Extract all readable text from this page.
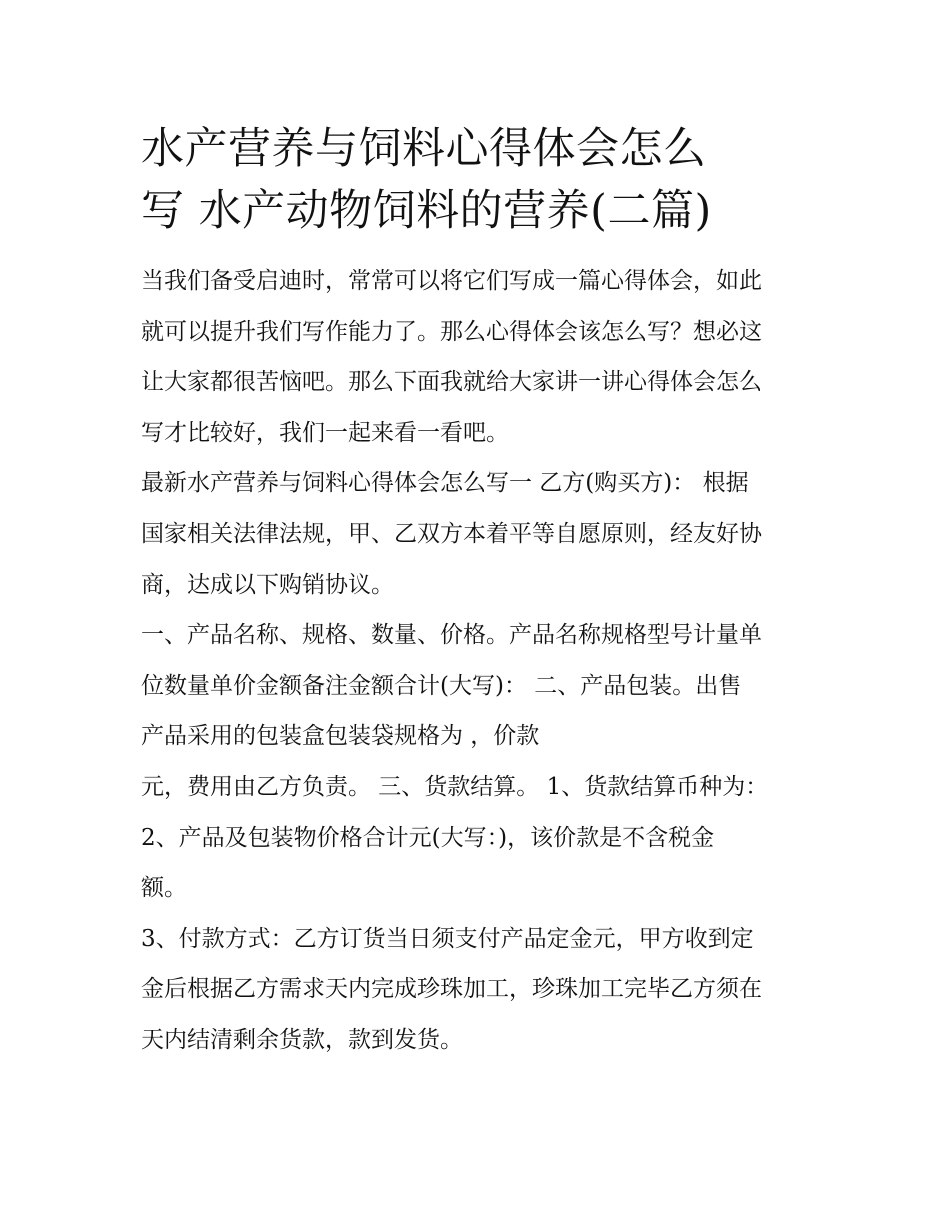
水产营养与饲料心得体会怎么
写 水产动物饲料的营养(二篇)

当我们备受启迪时，常常可以将它们写成一篇心得体会，如此
就可以提升我们写作能力了。那么心得体会该怎么写？想必这
让大家都很苦恼吧。那么下面我就给大家讲一讲心得体会怎么
写才比较好，我们一起来看一看吧。

最新水产营养与饲料心得体会怎么写一 乙方(购买方)： 根据
国家相关法律法规，甲、乙双方本着平等自愿原则，经友好协
商，达成以下购销协议。

一、产品名称、规格、数量、价格。产品名称规格型号计量单
位数量单价金额备注金额合计(大写)： 二、产品包装。出售
产品采用的包装盒包装袋规格为 ，价款
元，费用由乙方负责。 三、货款结算。 1、货款结算币种为：
2、产品及包装物价格合计元(大写：)，该价款是不含税金
额。

3、付款方式：乙方订货当日须支付产品定金元，甲方收到定
金后根据乙方需求天内完成珍珠加工，珍珠加工完毕乙方须在
天内结清剩余货款，款到发货。
